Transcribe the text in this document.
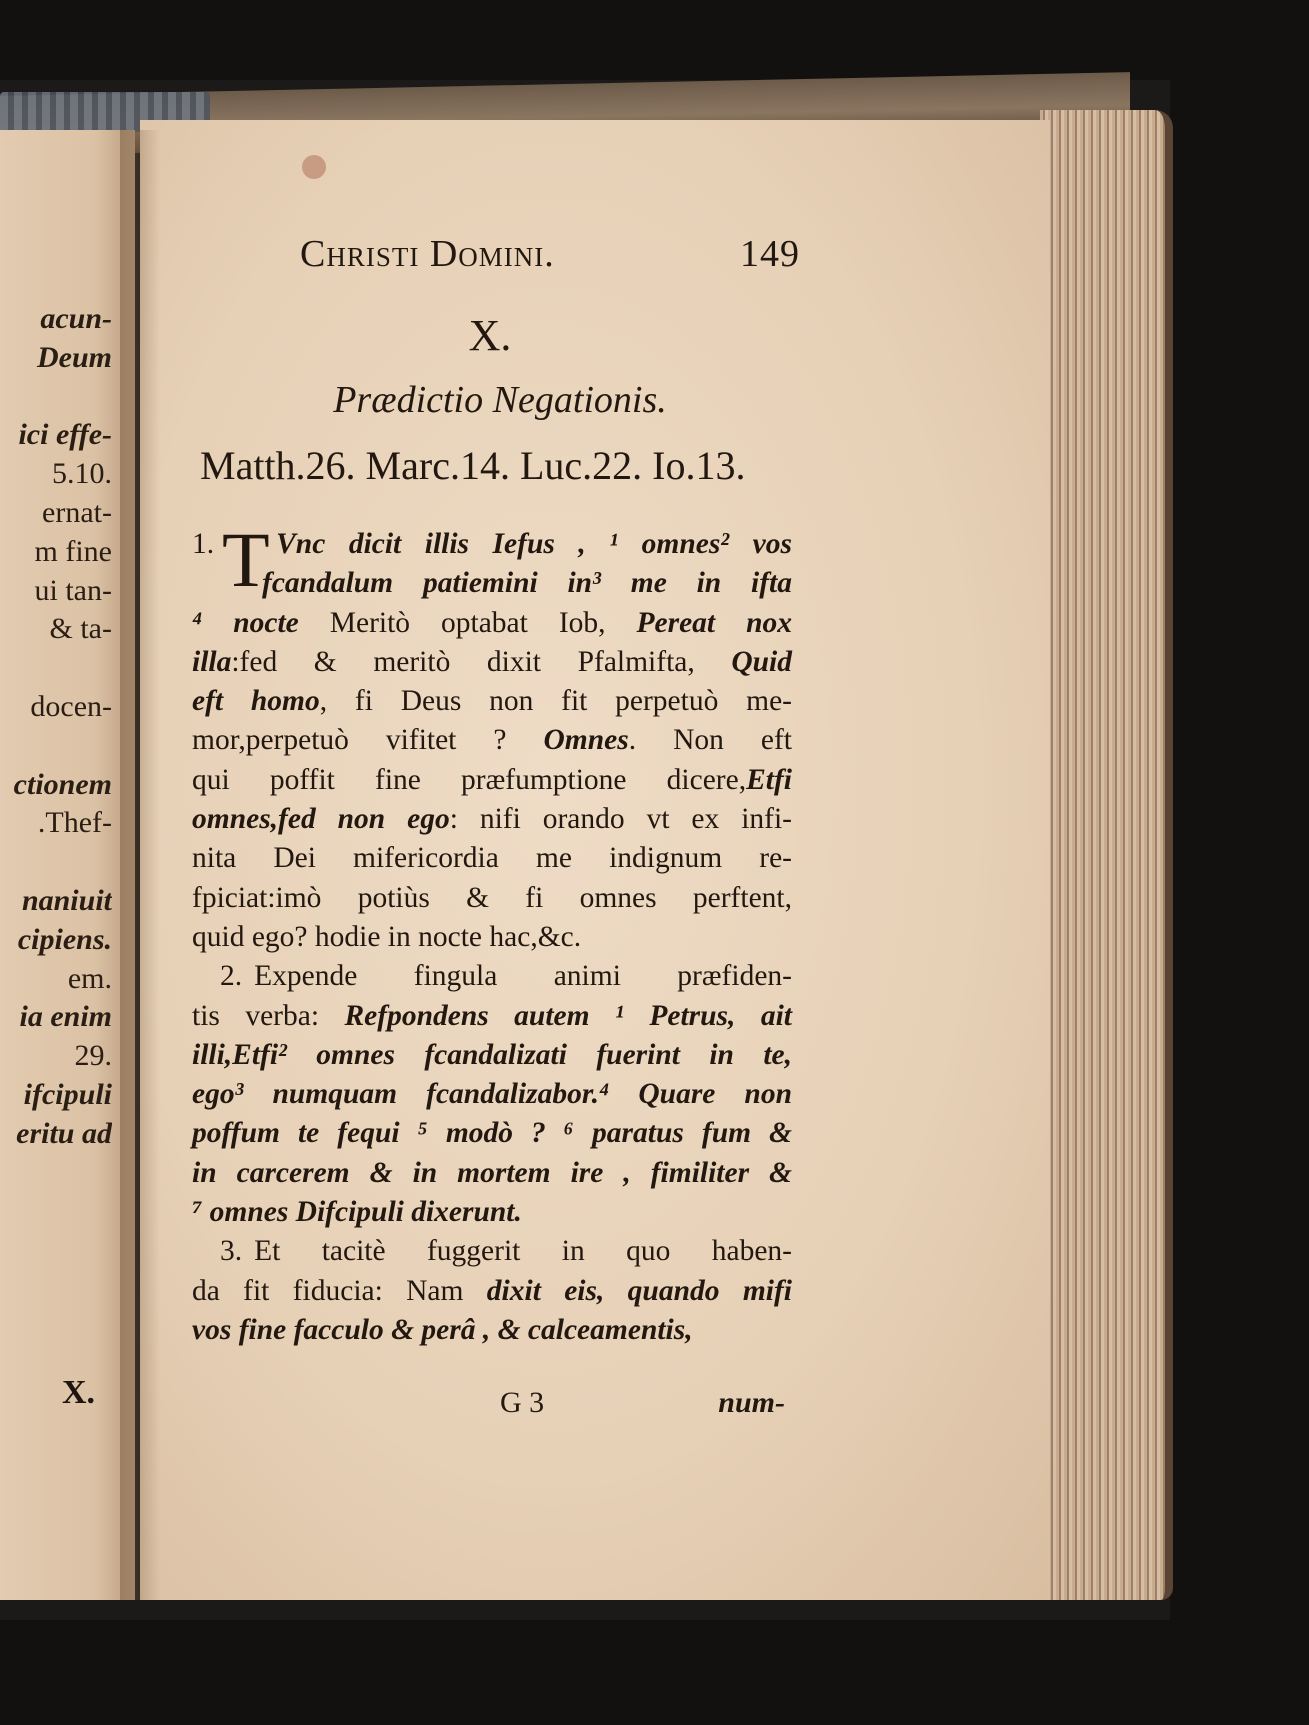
acun-
Deum
ici effe-
5.10.
ernat-
m fine
ui tan-
& ta-
docen-
ctionem
.Thef-
naniuit
cipiens.
em.
ia enim
29.
ifcipuli
eritu ad
X.
Christi Domini.	149
X.
Prædictio Negationis.
Matth.26. Marc.14. Luc.22. Io.13.
1. T Vnc dicit illis Iefus , ¹ omnes² vos
fcandalum patiemini in³ me in ifta
⁴ nocte Meritò optabat Iob, Pereat nox
illa:fed & meritò dixit Pfalmifta, Quid
eft homo, fi Deus non fit perpetuò me-
mor,perpetuò vifitet ? Omnes. Non eft
qui poffit fine præfumptione dicere,Etfi
omnes,fed non ego: nifi orando vt ex infi-
nita Dei mifericordia me indignum re-
fpiciat:imò potiùs & fi omnes perftent,
quid ego? hodie in nocte hac,&c.
2. Expende fingula animi præfiden-
tis verba: Refpondens autem ¹ Petrus, ait
illi,Etfi² omnes fcandalizati fuerint in te,
ego³ numquam fcandalizabor.⁴ Quare non
poffum te fequi ⁵ modò ? ⁶ paratus fum &
in carcerem & in mortem ire , fimiliter &
⁷ omnes Difcipuli dixerunt.
3. Et tacitè fuggerit in quo haben-
da fit fiducia: Nam dixit eis, quando mifi
vos fine facculo & perâ , & calceamentis,
G 3	num-
